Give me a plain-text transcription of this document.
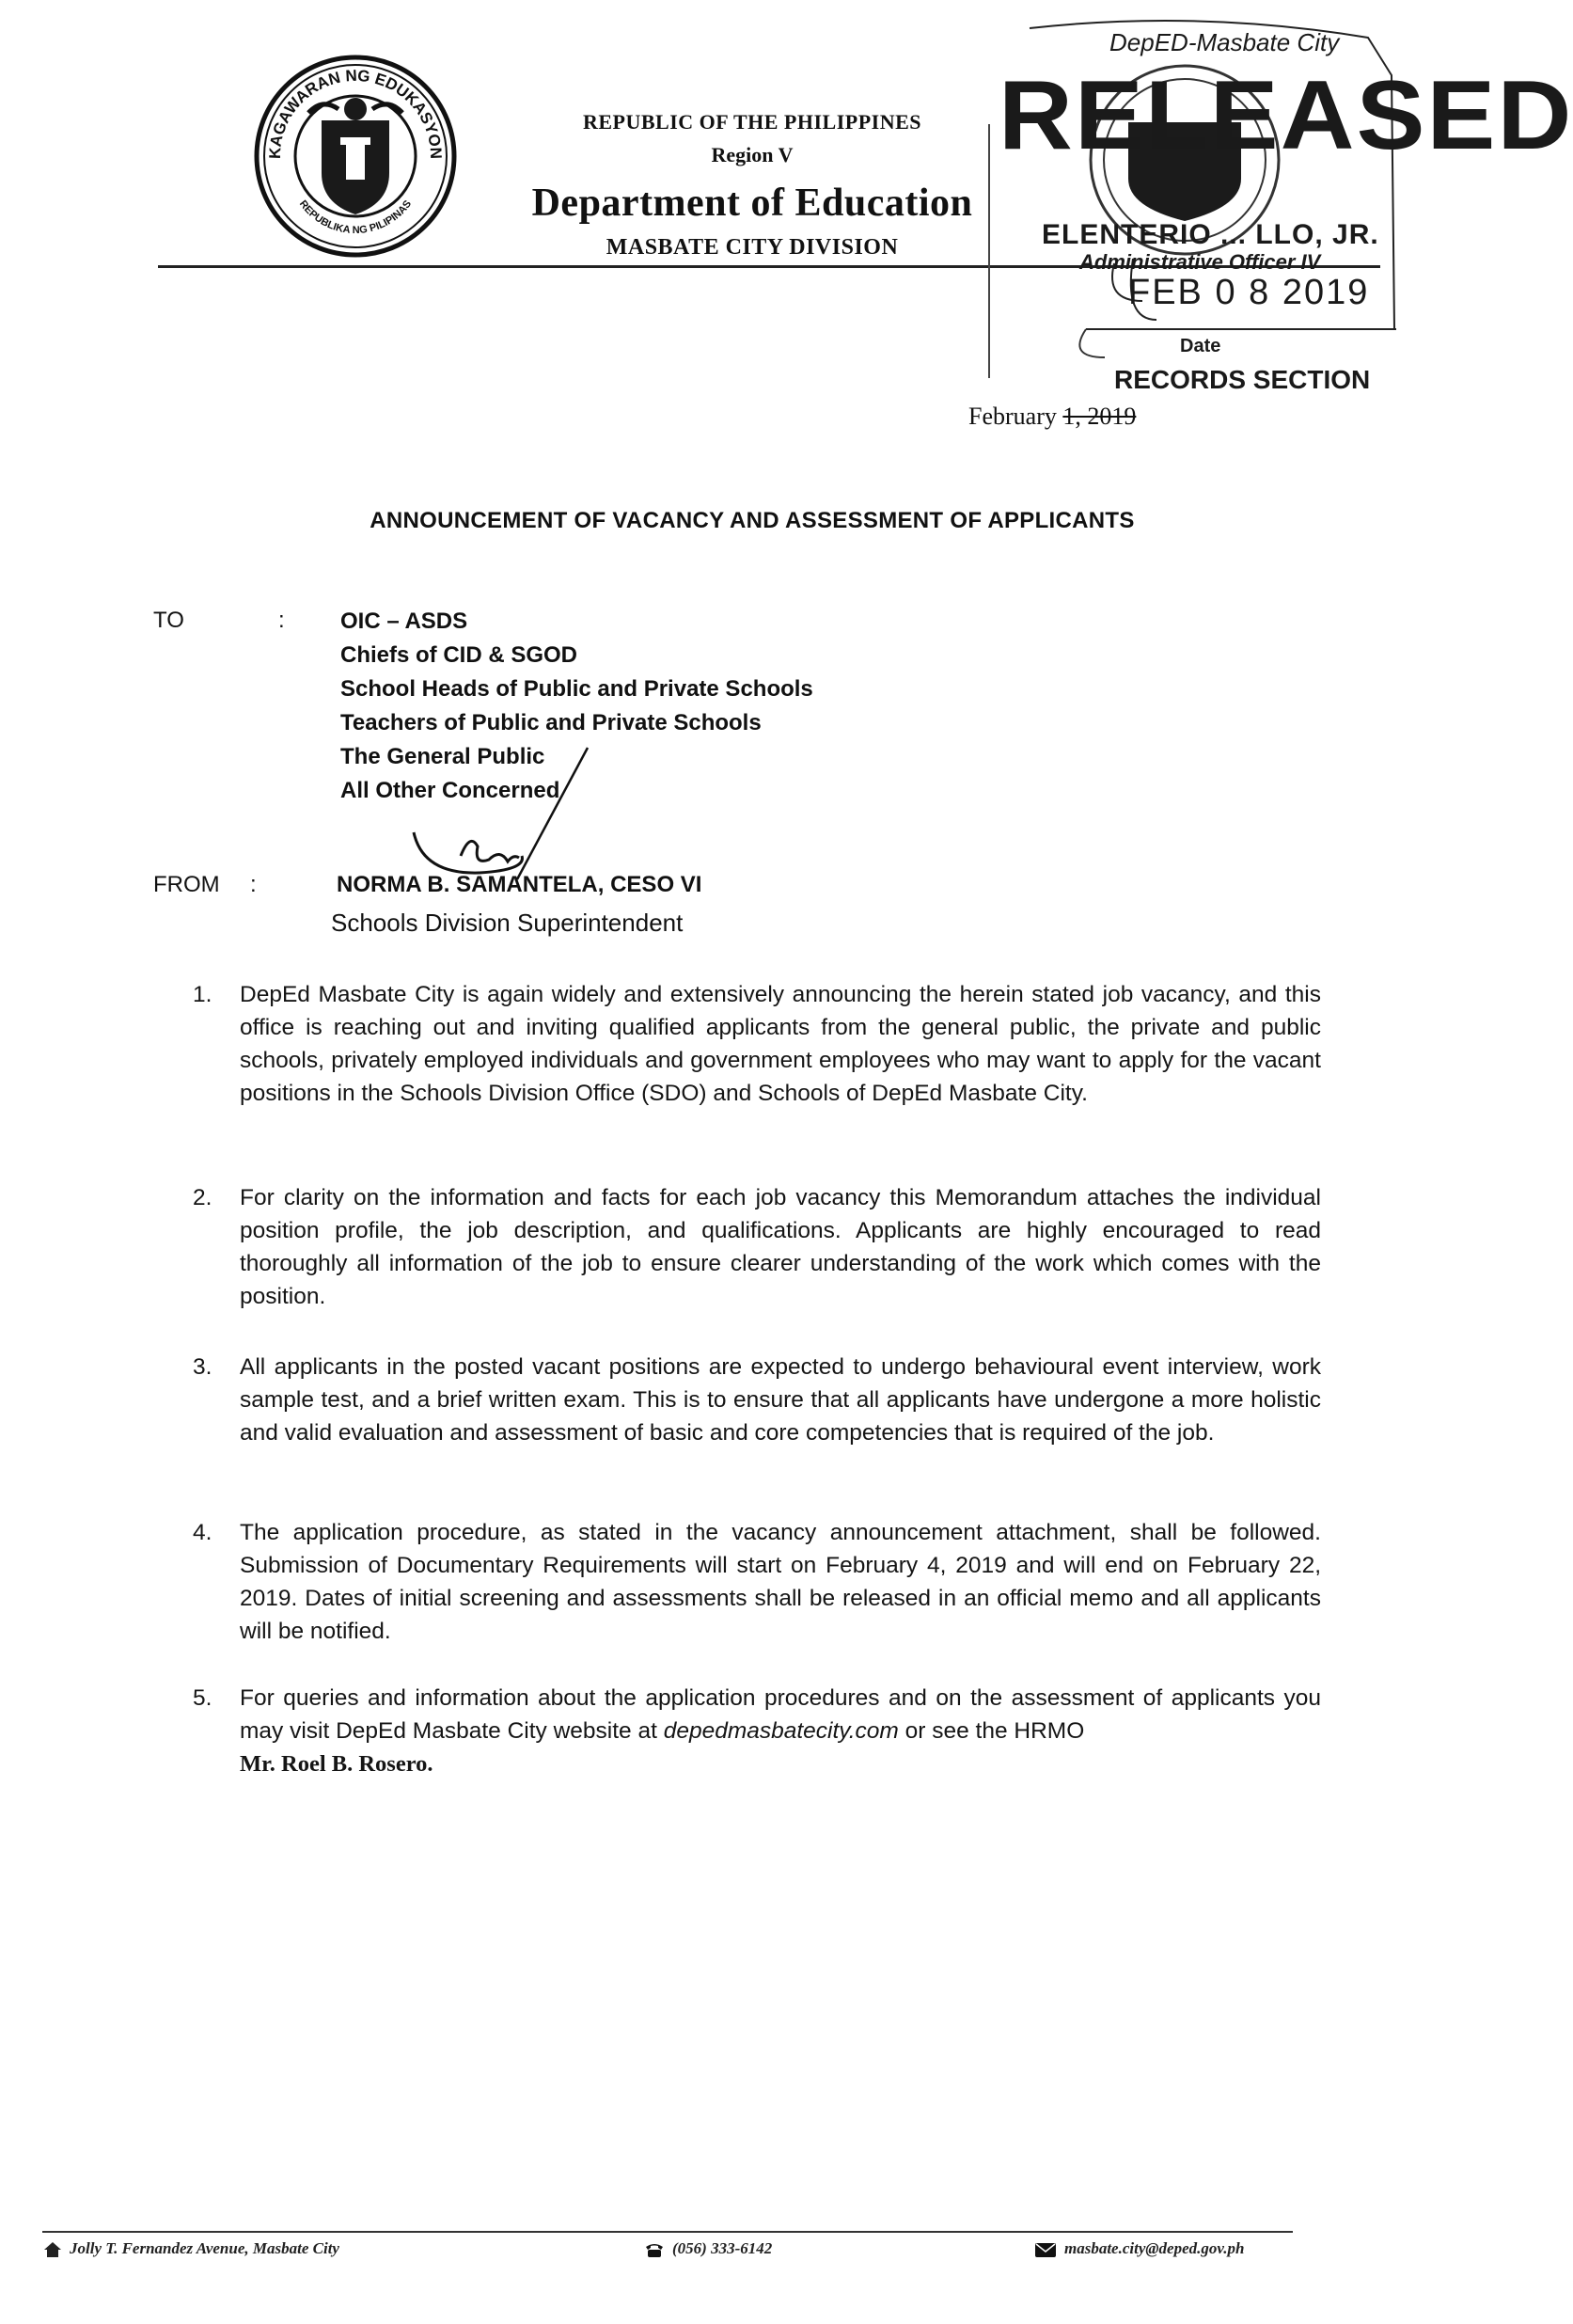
KAGAWARAN NG EDUKASYON
REPUBLIKA NG PILIPINAS
REPUBLIC OF THE PHILIPPINES
Region V
Department of Education
MASBATE CITY DIVISION
DepED-Masbate City
RELEASED
ELENTERIO ... LLO, JR.
Administrative Officer IV
FEB 0 8 2019
Date
RECORDS SECTION
February 1, 2019
ANNOUNCEMENT OF VACANCY AND ASSESSMENT OF APPLICANTS
TO	: OIC – ASDS
Chiefs of CID & SGOD
School Heads of Public and Private Schools
Teachers of Public and Private Schools
The General Public
All Other Concerned
FROM :	NORMA B. SAMANTELA, CESO VI
Schools Division Superintendent
1. DepEd Masbate City is again widely and extensively announcing the herein stated job vacancy, and this office is reaching out and inviting qualified applicants from the general public, the private and public schools, privately employed individuals and government employees who may want to apply for the vacant positions in the Schools Division Office (SDO) and Schools of DepEd Masbate City.
2. For clarity on the information and facts for each job vacancy this Memorandum attaches the individual position profile, the job description, and qualifications. Applicants are highly encouraged to read thoroughly all information of the job to ensure clearer understanding of the work which comes with the position.
3. All applicants in the posted vacant positions are expected to undergo behavioural event interview, work sample test, and a brief written exam. This is to ensure that all applicants have undergone a more holistic and valid evaluation and assessment of basic and core competencies that is required of the job.
4. The application procedure, as stated in the vacancy announcement attachment, shall be followed. Submission of Documentary Requirements will start on February 4, 2019 and will end on February 22, 2019. Dates of initial screening and assessments shall be released in an official memo and all applicants will be notified.
5. For queries and information about the application procedures and on the assessment of applicants you may visit DepEd Masbate City website at depedmasbatecity.com or see the HRMO
Mr. Roel B. Rosero.
Jolly T. Fernandez Avenue, Masbate City	(056) 333-6142	masbate.city@deped.gov.ph
